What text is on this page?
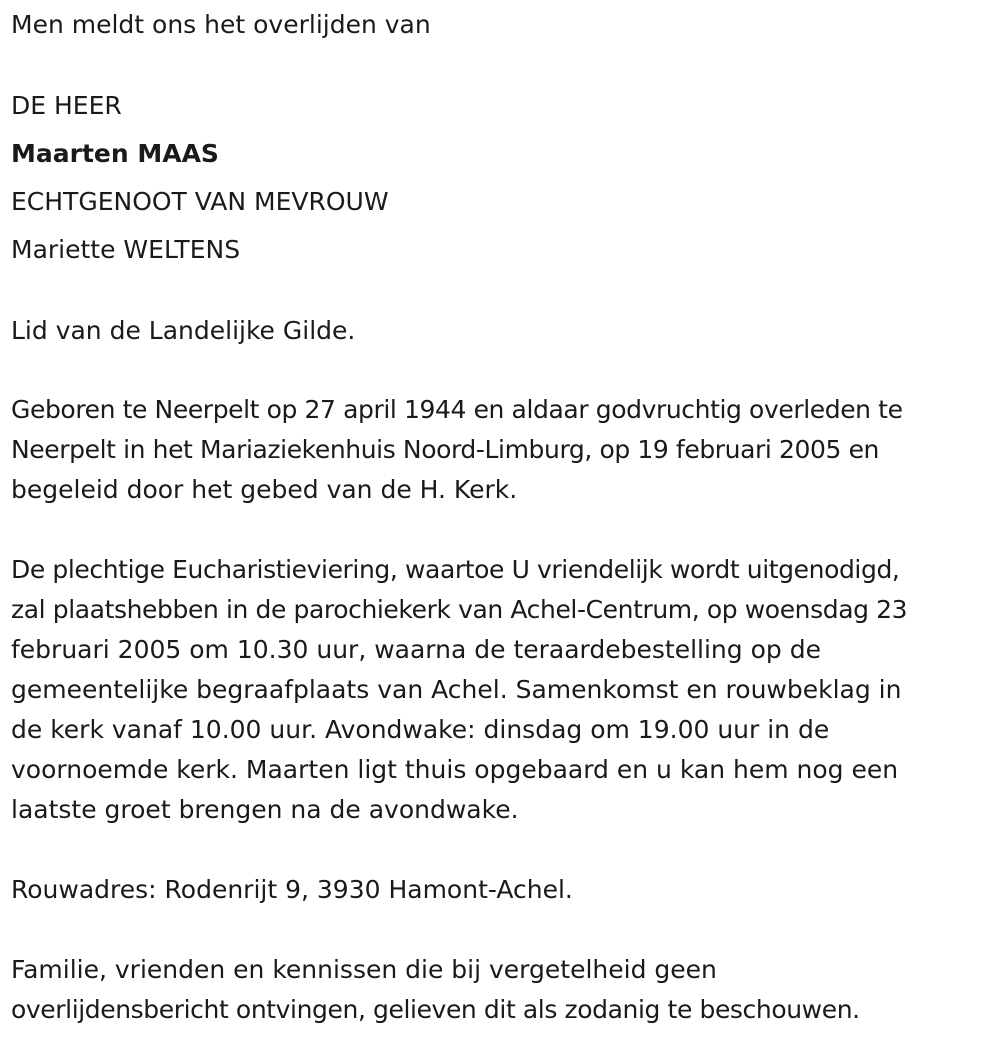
Men meldt ons het overlijden van
DE HEER
Maarten MAAS
ECHTGENOOT VAN MEVROUW
Mariette WELTENS
Lid van de Landelijke Gilde.
Geboren te Neerpelt op 27 april 1944 en aldaar godvruchtig overleden te
Neerpelt in het Mariaziekenhuis Noord-Limburg, op 19 februari 2005 en
begeleid door het gebed van de H. Kerk.
De plechtige Eucharistieviering, waartoe U vriendelijk wordt uitgenodigd,
zal plaatshebben in de parochiekerk van Achel-Centrum, op woensdag 23
februari 2005 om 10.30 uur, waarna de teraardebestelling op de
gemeentelijke begraafplaats van Achel. Samenkomst en rouwbeklag in
de kerk vanaf 10.00 uur. Avondwake: dinsdag om 19.00 uur in de
voornoemde kerk. Maarten ligt thuis opgebaard en u kan hem nog een
laatste groet brengen na de avondwake.
Rouwadres: Rodenrijt 9, 3930 Hamont-Achel.
Familie, vrienden en kennissen die bij vergetelheid geen
overlijdensbericht ontvingen, gelieven dit als zodanig te beschouwen.
